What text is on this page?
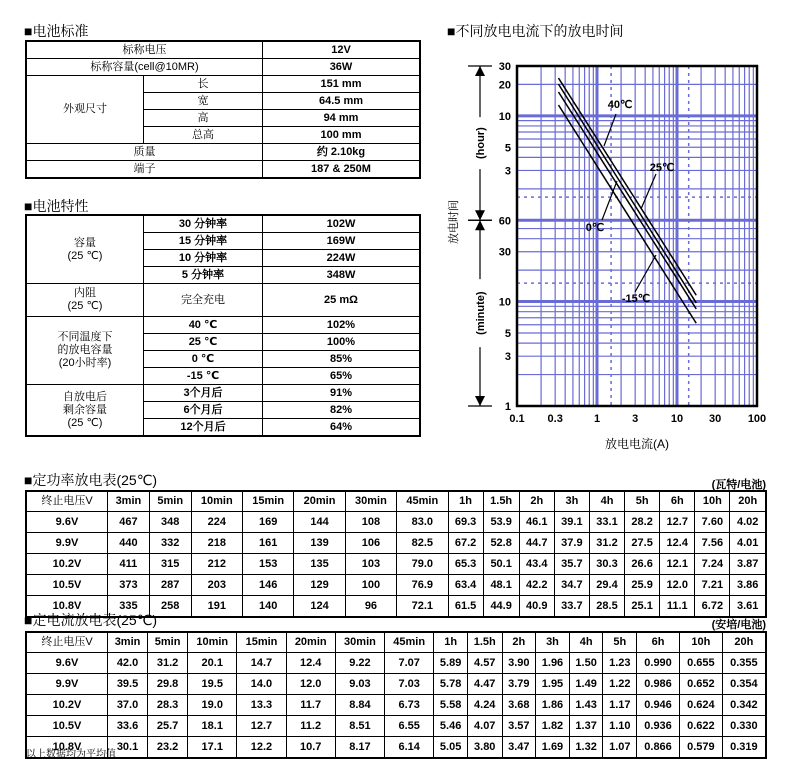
■电池标准
标称电压		12V
标称容量(cell@10MR)		36W
外观尺寸	长	151 mm
	宽	64.5 mm
	高	94 mm
	总高	100 mm
质量		约 2.10kg
端子		187 & 250M
■电池特性
容量
(25 ℃)	30 分钟率	102W
	15 分钟率	169W
	10 分钟率	224W
	5 分钟率	348W
内阻
(25 ℃)	完全充电	25 mΩ
不同温度下
的放电容量
(20小时率)	40 ℃	102%
	25 ℃	100%
	0 ℃	85%
	-15 ℃	65%
自放电后
剩余容量
(25 ℃)	3个月后	91%
	6个月后	82%
	12个月后	64%
■不同放电电流下的放电时间
40℃
25℃
0℃
-15℃
0.1 0.3	1	3	10 30 100
放电电流(A)
30
20
10
5
3
60
30
10
5
3
1
(hour)
(minute)
放电时间
■定功率放电表(25℃)	(瓦特/电池)
终止电压V	3min	5min	10min	15min	20min	30min	45min	1h	1.5h	2h	3h	4h	5h	6h	10h	20h
9.6V	467	348	224	169	144	108	83.0	69.3	53.9	46.1	39.1	33.1	28.2	12.7	7.60	4.02
9.9V	440	332	218	161	139	106	82.5	67.2	52.8	44.7	37.9	31.2	27.5	12.4	7.56	4.01
10.2V	411	315	212	153	135	103	79.0	65.3	50.1	43.4	35.7	30.3	26.6	12.1	7.24	3.87
10.5V	373	287	203	146	129	100	76.9	63.4	48.1	42.2	34.7	29.4	25.9	12.0	7.21	3.86
10.8V	335	258	191	140	124	96	72.1	61.5	44.9	40.9	33.7	28.5	25.1	11.1	6.72	3.61
■定电流放电表(25℃)	(安培/电池)
终止电压V	3min	5min	10min	15min	20min	30min	45min	1h	1.5h	2h	3h	4h	5h	6h	10h	20h
9.6V	42.0	31.2	20.1	14.7	12.4	9.22	7.07	5.89	4.57	3.90	1.96	1.50	1.23	0.990	0.655	0.355
9.9V	39.5	29.8	19.5	14.0	12.0	9.03	7.03	5.78	4.47	3.79	1.95	1.49	1.22	0.986	0.652	0.354
10.2V	37.0	28.3	19.0	13.3	11.7	8.84	6.73	5.58	4.24	3.68	1.86	1.43	1.17	0.946	0.624	0.342
10.5V	33.6	25.7	18.1	12.7	11.2	8.51	6.55	5.46	4.07	3.57	1.82	1.37	1.10	0.936	0.622	0.330
10.8V	30.1	23.2	17.1	12.2	10.7	8.17	6.14	5.05	3.80	3.47	1.69	1.32	1.07	0.866	0.579	0.319
以上数据均为平均值
